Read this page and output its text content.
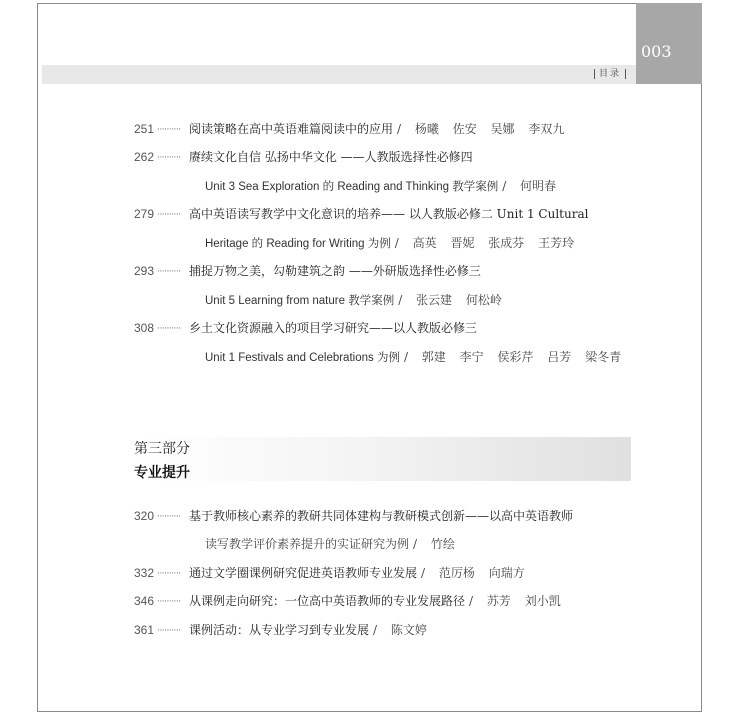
003
目录
251 ·········· 阅读策略在高中英语难篇阅读中的应用 / 杨曦 佐安 吴娜 李双九
262 ·········· 赓续文化自信 弘扬中华文化 ——人教版选择性必修四
Unit 3 Sea Exploration 的 Reading and Thinking 教学案例 / 何明春
279 ·········· 高中英语读写教学中文化意识的培养—— 以人教版必修二 Unit 1 Cultural
Heritage 的 Reading for Writing 为例 / 高英 晋妮 张成芬 王芳玲
293 ·········· 捕捉万物之美，勾勒建筑之韵 ——外研版选择性必修三
Unit 5 Learning from nature 教学案例 / 张云建 何松岭
308 ·········· 乡土文化资源融入的项目学习研究——以人教版必修三
Unit 1 Festivals and Celebrations 为例 / 郭建 李宁 侯彩芹 吕芳 梁冬青
第三部分
专业提升
320 ·········· 基于教师核心素养的教研共同体建构与教研模式创新——以高中英语教师
读写教学评价素养提升的实证研究为例 / 竹绘
332 ·········· 通过文学圈课例研究促进英语教师专业发展 / 范厉杨 向瑞方
346 ·········· 从课例走向研究：一位高中英语教师的专业发展路径 / 苏芳 刘小凯
361 ·········· 课例活动：从专业学习到专业发展 / 陈文婷
